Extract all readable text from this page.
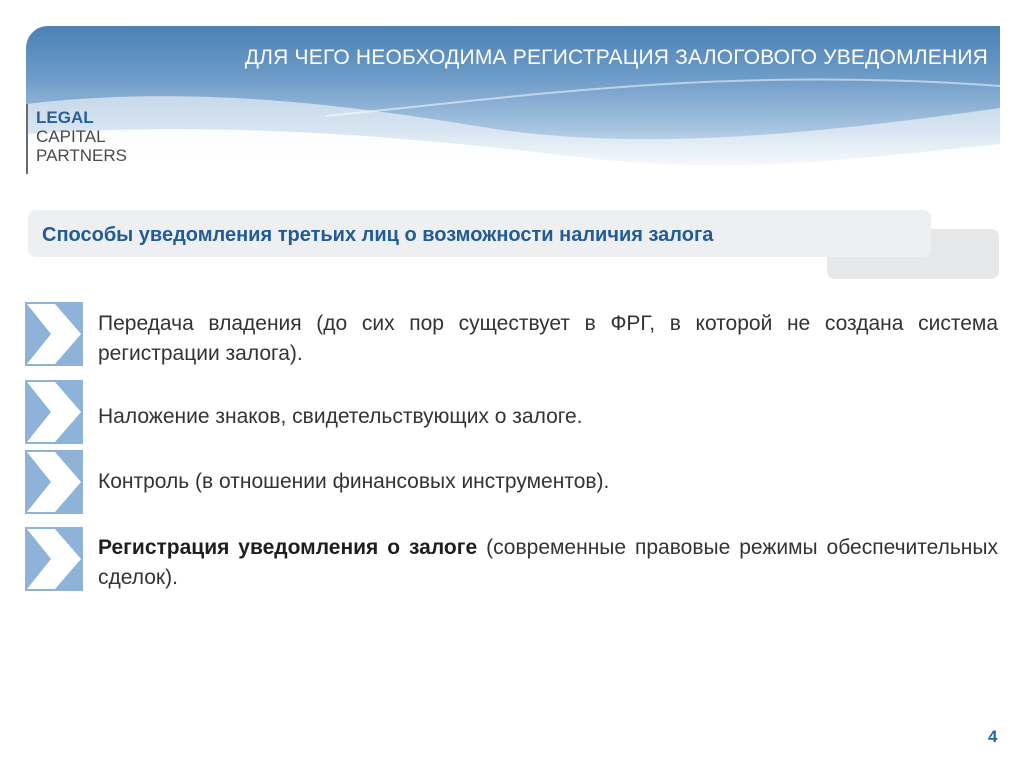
ДЛЯ ЧЕГО НЕОБХОДИМА РЕГИСТРАЦИЯ ЗАЛОГОВОГО УВЕДОМЛЕНИЯ
LEGAL
CAPITAL
PARTNERS
Способы уведомления третьих лиц о возможности наличия залога
Передача владения (до сих пор существует в ФРГ, в которой не создана система регистрации залога).
Наложение знаков, свидетельствующих о залоге.
Контроль (в отношении финансовых инструментов).
Регистрация уведомления о залоге (современные правовые режимы обеспечительных сделок).
4
